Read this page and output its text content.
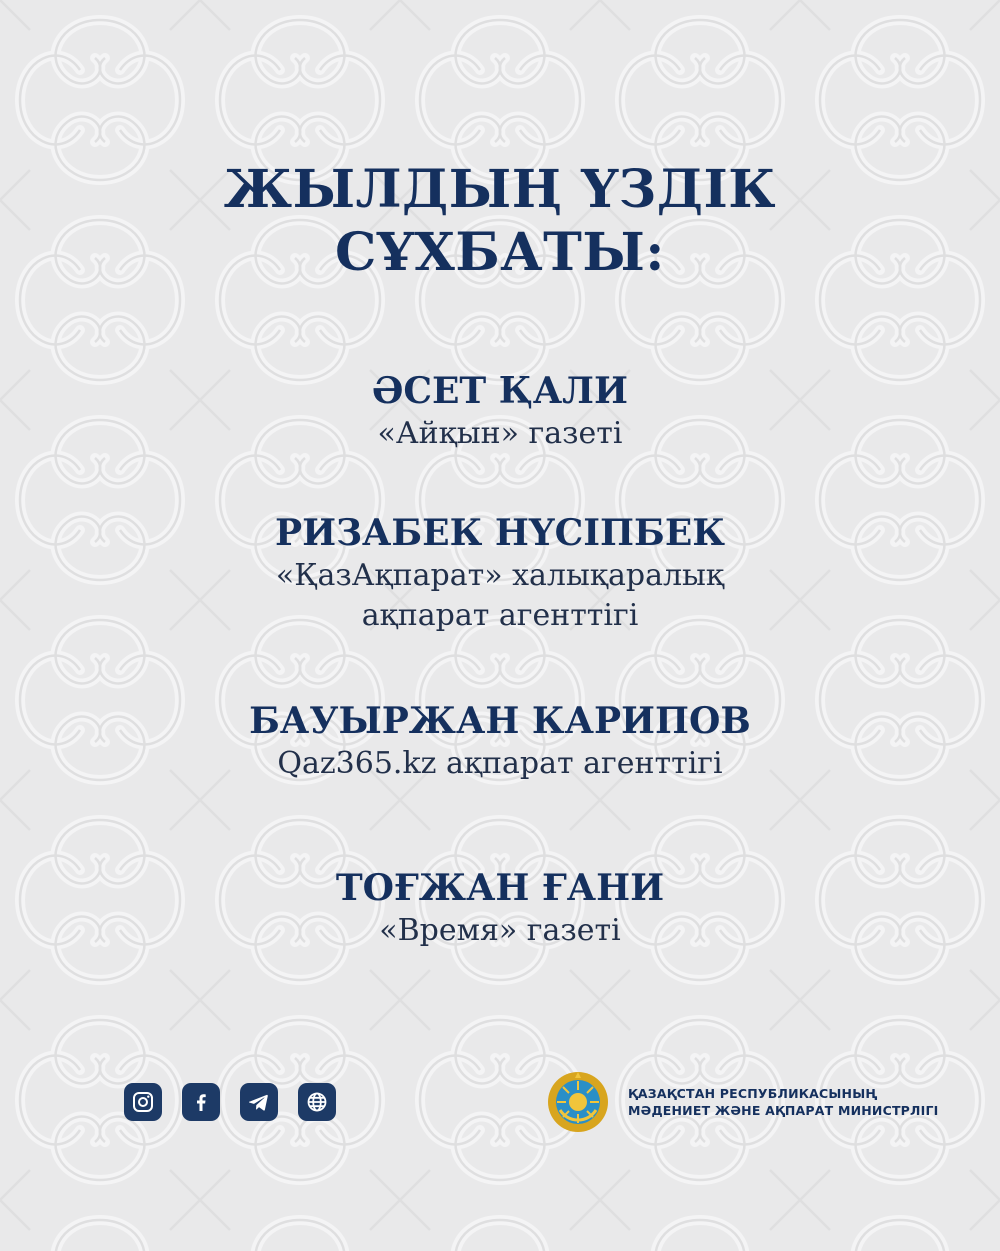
ЖЫЛДЫҢ ҮЗДІК
СҰХБАТЫ:
ӘСЕТ ҚАЛИ
«Айқын» газеті
РИЗАБЕК НҮСІПБЕК
«ҚазАқпарат» халықаралық
ақпарат агенттігі
БАУЫРЖАН КАРИПОВ
Qaz365.kz ақпарат агенттігі
ТОҒЖАН ҒАНИ
«Время» газеті
ҚАЗАҚСТАН РЕСПУБЛИКАСЫНЫҢ
МӘДЕНИЕТ ЖӘНЕ АҚПАРАТ МИНИСТРЛІГІ
